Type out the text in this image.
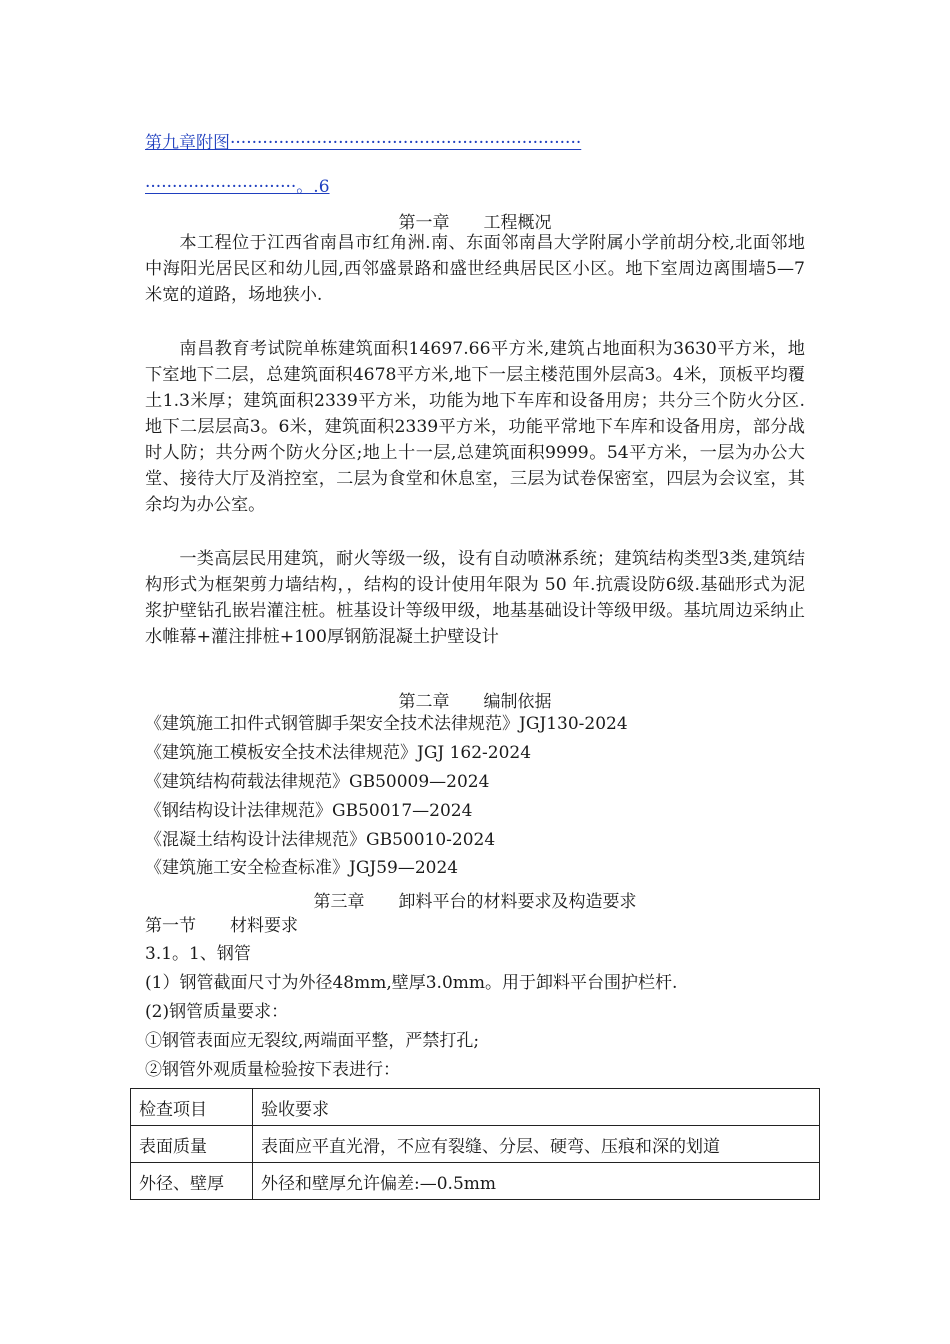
第九章附图·································································
····························。.6
第一章　　工程概况
本工程位于江西省南昌市红角洲.南、东面邻南昌大学附属小学前胡分校,北面邻地中海阳光居民区和幼儿园,西邻盛景路和盛世经典居民区小区。地下室周边离围墙5—7米宽的道路，场地狭小.
南昌教育考试院单栋建筑面积14697.66平方米,建筑占地面积为3630平方米，地下室地下二层，总建筑面积4678平方米,地下一层主楼范围外层高3。4米，顶板平均覆土1.3米厚；建筑面积2339平方米，功能为地下车库和设备用房；共分三个防火分区.地下二层层高3。6米，建筑面积2339平方米，功能平常地下车库和设备用房，部分战时人防；共分两个防火分区;地上十一层,总建筑面积9999。54平方米，一层为办公大堂、接待大厅及消控室，二层为食堂和休息室，三层为试卷保密室，四层为会议室，其余均为办公室。
一类高层民用建筑，耐火等级一级，设有自动喷淋系统；建筑结构类型3类,建筑结构形式为框架剪力墙结构，，结构的设计使用年限为 50 年.抗震设防6级.基础形式为泥浆护壁钻孔嵌岩灌注桩。桩基设计等级甲级，地基基础设计等级甲级。基坑周边采纳止水帷幕+灌注排桩+100厚钢筋混凝土护壁设计
第二章　　编制依据
《建筑施工扣件式钢管脚手架安全技术法律规范》JGJ130-2024
《建筑施工模板安全技术法律规范》JGJ 162-2024
《建筑结构荷载法律规范》GB50009—2024
《钢结构设计法律规范》GB50017—2024
《混凝土结构设计法律规范》GB50010-2024
《建筑施工安全检查标准》JGJ59—2024
第三章　　卸料平台的材料要求及构造要求
第一节　　材料要求
3.1。1、钢管
(1）钢管截面尺寸为外径48mm,壁厚3.0mm。用于卸料平台围护栏杆.
(2)钢管质量要求：
①钢管表面应无裂纹,两端面平整，严禁打孔;
②钢管外观质量检验按下表进行：
检查项目	验收要求
表面质量	表面应平直光滑，不应有裂缝、分层、硬弯、压痕和深的划道
外径、壁厚	外径和壁厚允许偏差:—0.5mm
